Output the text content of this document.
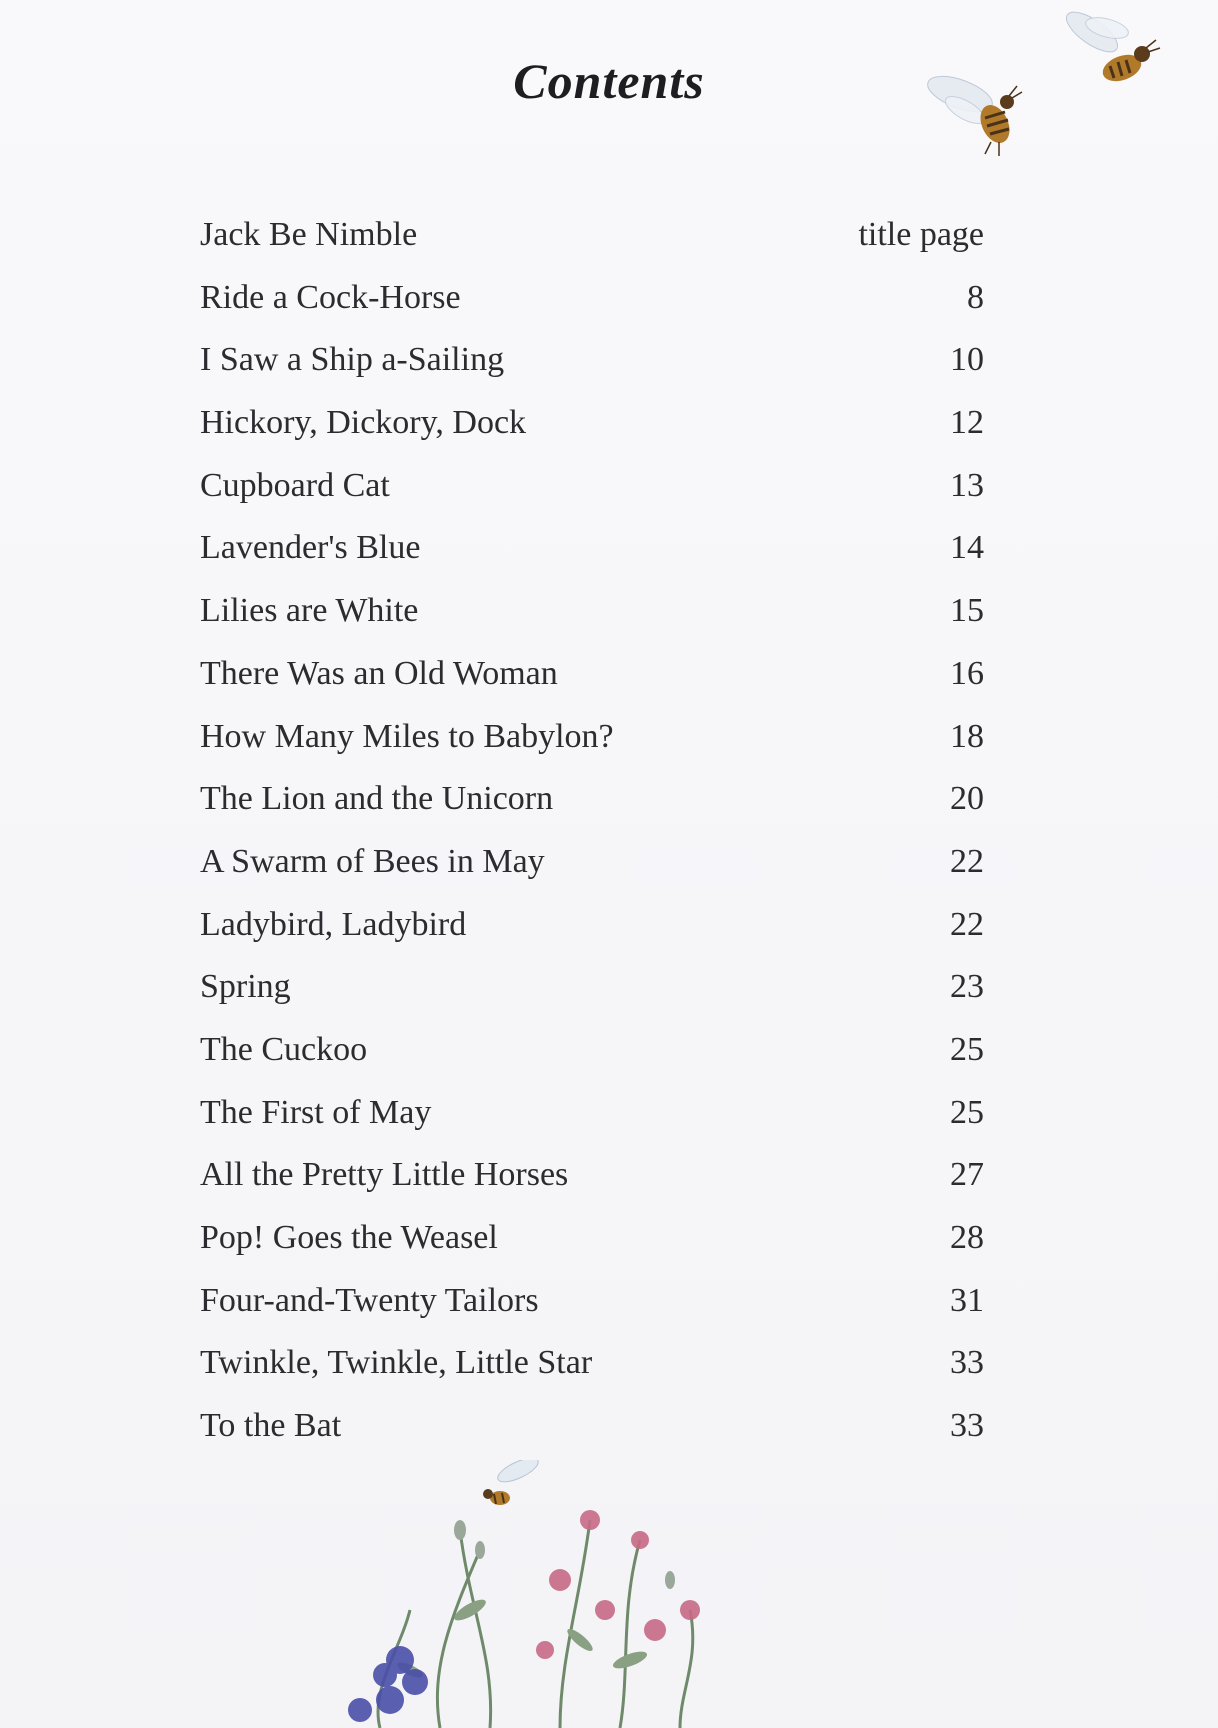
Contents
Jack Be Nimble	title page
Ride a Cock-Horse	8
I Saw a Ship a-Sailing	10
Hickory, Dickory, Dock	12
Cupboard Cat	13
Lavender's Blue	14
Lilies are White	15
There Was an Old Woman	16
How Many Miles to Babylon?	18
The Lion and the Unicorn	20
A Swarm of Bees in May	22
Ladybird, Ladybird	22
Spring	23
The Cuckoo	25
The First of May	25
All the Pretty Little Horses	27
Pop! Goes the Weasel	28
Four-and-Twenty Tailors	31
Twinkle, Twinkle, Little Star	33
To the Bat	33
